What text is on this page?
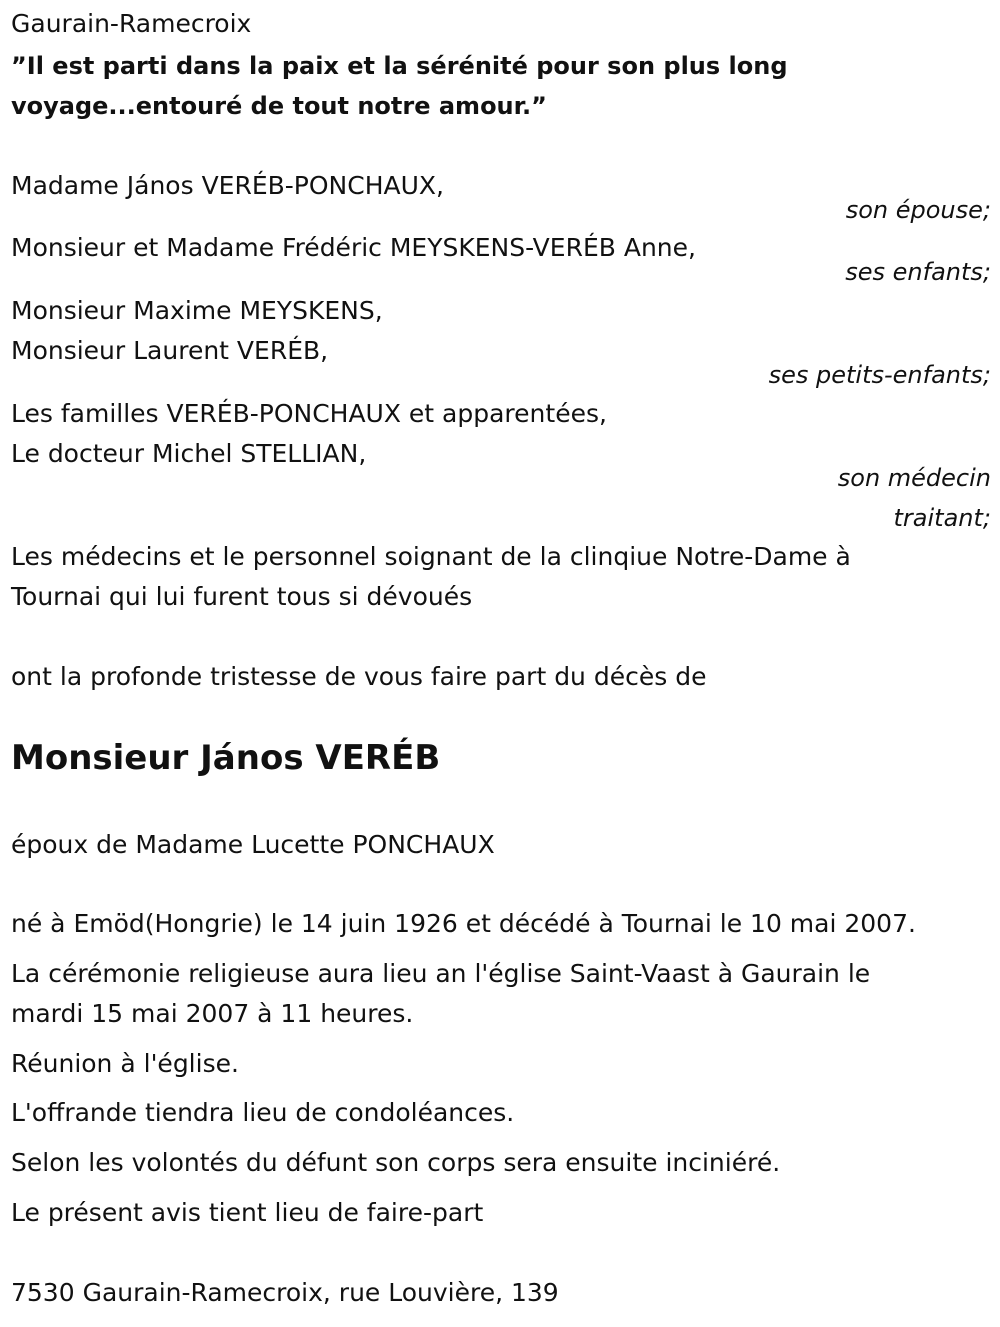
Gaurain-Ramecroix
”Il est parti dans la paix et la sérénité pour son plus long
voyage...entouré de tout notre amour.”
Madame János VERÉB-PONCHAUX,
son épouse;
Monsieur et Madame Frédéric MEYSKENS-VERÉB Anne,
ses enfants;
Monsieur Maxime MEYSKENS,
Monsieur Laurent VERÉB,
ses petits-enfants;
Les familles VERÉB-PONCHAUX et apparentées,
Le docteur Michel STELLIAN,
son médecin
traitant;
Les médecins et le personnel soignant de la clinqiue Notre-Dame à
Tournai qui lui furent tous si dévoués
ont la profonde tristesse de vous faire part du décès de
Monsieur János VERÉB
époux de Madame Lucette PONCHAUX
né à Emöd(Hongrie) le 14 juin 1926 et décédé à Tournai le 10 mai 2007.
La cérémonie religieuse aura lieu an l'église Saint-Vaast à Gaurain le
mardi 15 mai 2007 à 11 heures.
Réunion à l'église.
L'offrande tiendra lieu de condoléances.
Selon les volontés du défunt son corps sera ensuite inciniéré.
Le présent avis tient lieu de faire-part
7530 Gaurain-Ramecroix, rue Louvière, 139
